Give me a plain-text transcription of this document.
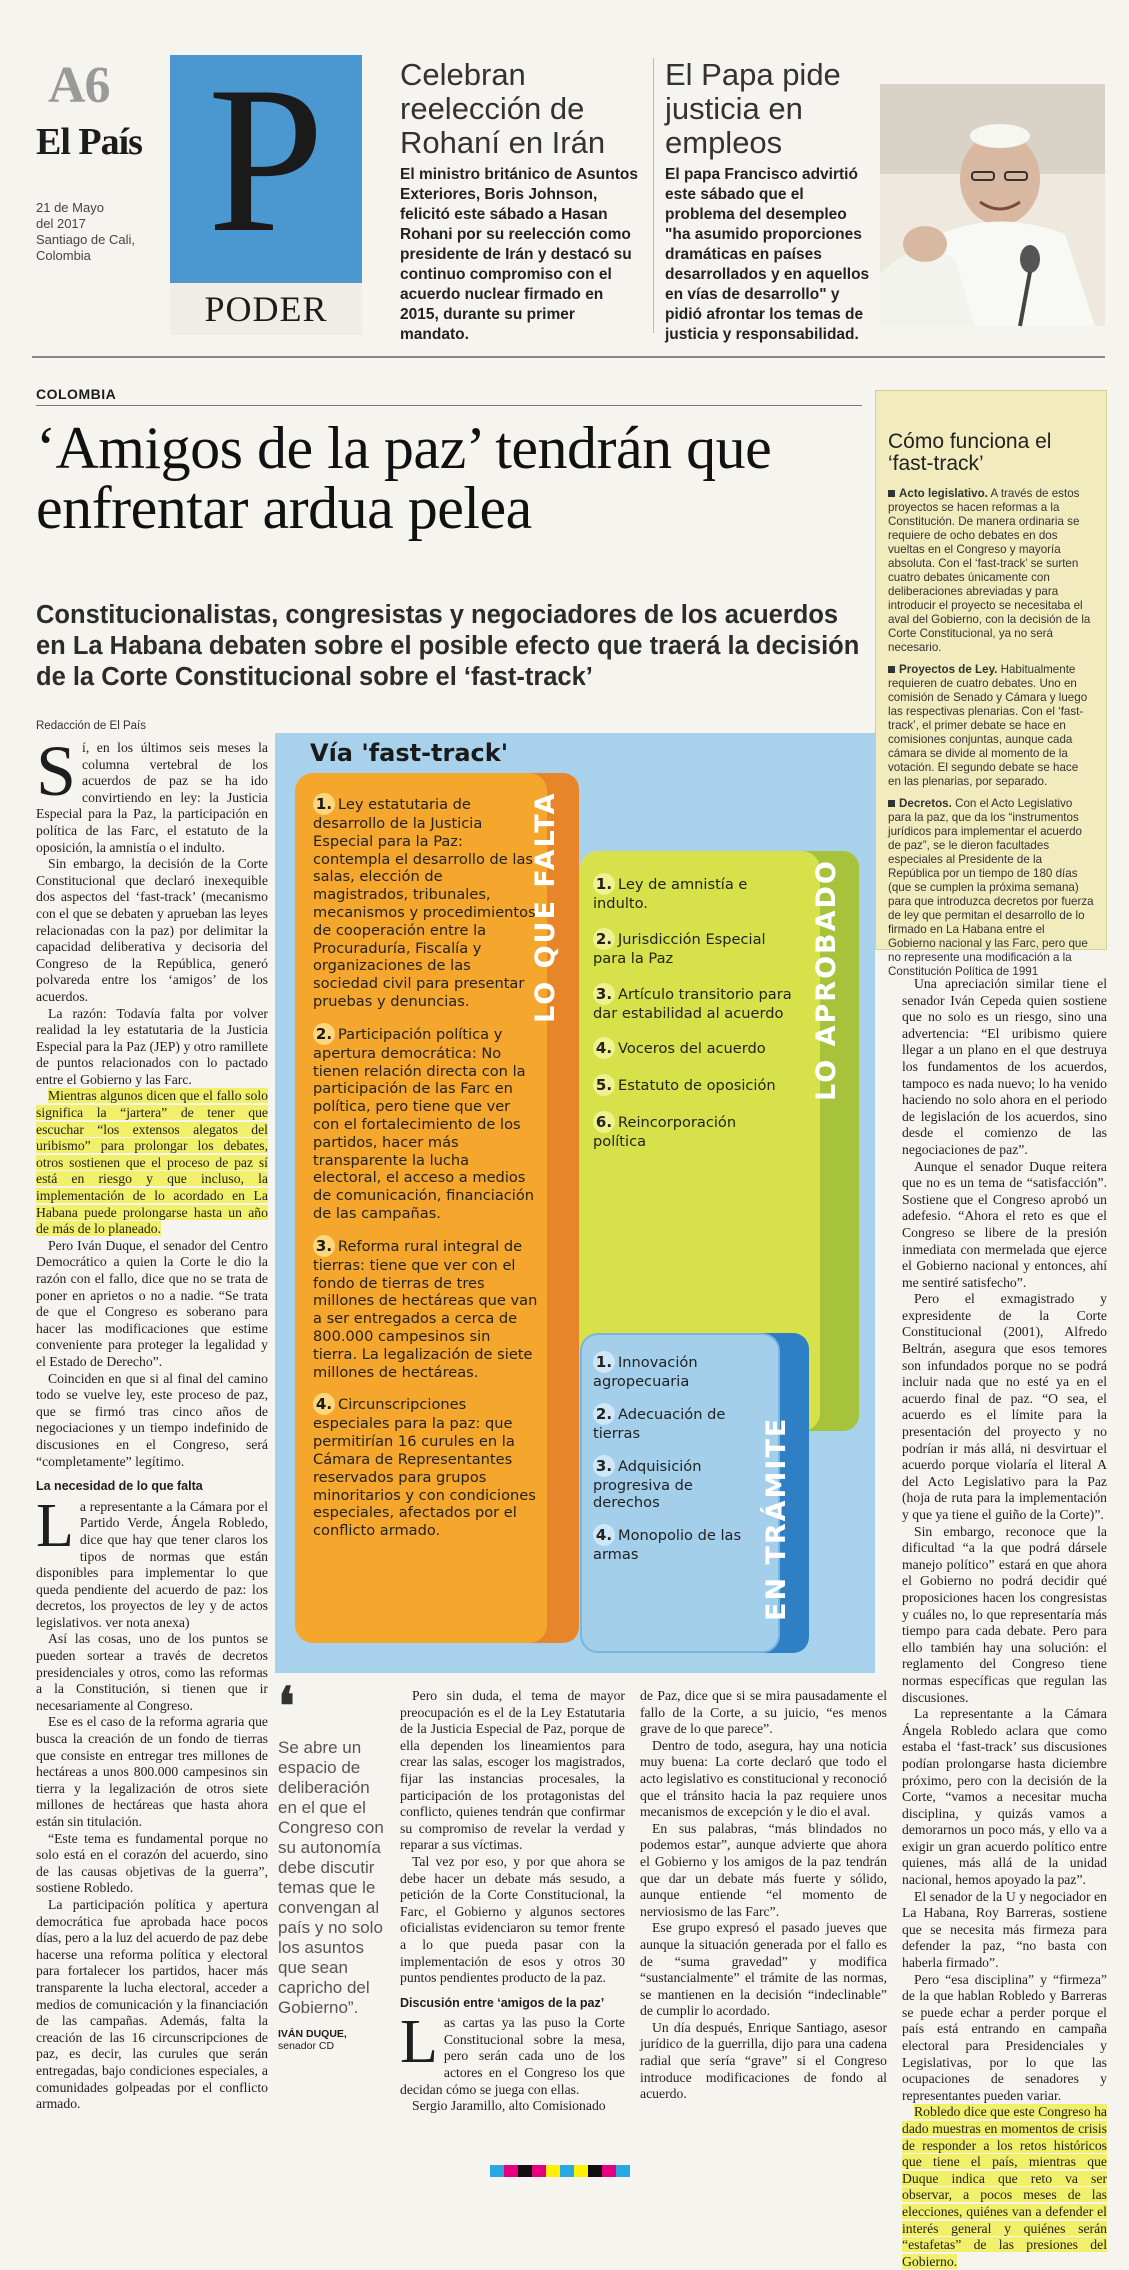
A6
El País
21 de Mayo
del 2017
Santiago de Cali,
Colombia P
PODER
Celebran reelección de Rohaní en Irán
El ministro británico de Asuntos Exteriores, Boris Johnson, felicitó este sábado a Hasan Rohani por su reelección como presidente de Irán y destacó su continuo compromiso con el acuerdo nuclear firmado en 2015, durante su primer mandato.
El Papa pide justicia en empleos
El papa Francisco advirtió este sábado que el problema del desempleo "ha asumido proporciones dramáticas en países desarrollados y en aquellos en vías de desarrollo" y pidió afrontar los temas de justicia y responsabilidad.
COLOMBIA
‘Amigos de la paz’ tendrán que enfrentar ardua pelea
Constitucionalistas, congresistas y negociadores de los acuerdos en La Habana debaten sobre el posible efecto que traerá la decisión de la Corte Constitucional sobre el ‘fast-track’
Redacción de El País
Cómo funciona el ‘fast-track’
Acto legislativo. A través de estos proyectos se hacen reformas a la Constitución. De manera ordinaria se requiere de ocho debates en dos vueltas en el Congreso y mayoría absoluta. Con el ‘fast-track’ se surten cuatro debates únicamente con deliberaciones abreviadas y para introducir el proyecto se necesitaba el aval del Gobierno, con la decisión de la Corte Constitucional, ya no será necesario.
Proyectos de Ley. Habitualmente requieren de cuatro debates. Uno en comisión de Senado y Cámara y luego las respectivas plenarias. Con el ‘fast-track’, el primer debate se hace en comisiones conjuntas, aunque cada cámara se divide al momento de la votación. El segundo debate se hace en las plenarias, por separado.
Decretos. Con el Acto Legislativo para la paz, que da los “instrumentos jurídicos para implementar el acuerdo de paz”, se le dieron facultades especiales al Presidente de la República por un tiempo de 180 días (que se cumplen la próxima semana) para que introduzca decretos por fuerza de ley que permitan el desarrollo de lo firmado en La Habana entre el Gobierno nacional y las Farc, pero que no represente una modificación a la Constitución Política de 1991

Sí, en los últimos seis meses la columna vertebral de los acuerdos de paz se ha ido convirtiendo en ley: la Justicia Especial para la Paz, la participación en política de las Farc, el estatuto de la oposición, la amnistía o el indulto.

Sin embargo, la decisión de la Corte Constitucional que declaró inexequible dos aspectos del ‘fast-track’ (mecanismo con el que se debaten y aprueban las leyes relacionadas con la paz) por delimitar la capacidad deliberativa y decisoria del Congreso de la República, generó polvareda entre los ‘amigos’ de los acuerdos.

La razón: Todavía falta por volver realidad la ley estatutaria de la Justicia Especial para la Paz (JEP) y otro ramillete de puntos relacionados con lo pactado entre el Gobierno y las Farc.

Mientras algunos dicen que el fallo solo significa la “jartera” de tener que escuchar “los extensos alegatos del uribismo” para prolongar los debates, otros sostienen que el proceso de paz sí está en riesgo y que incluso, la implementación de lo acordado en La Habana puede prolongarse hasta un año de más de lo planeado.

Pero Iván Duque, el senador del Centro Democrático a quien la Corte le dio la razón con el fallo, dice que no se trata de poner en aprietos o no a nadie. “Se trata de que el Congreso es soberano para hacer las modificaciones que estime conveniente para proteger la legalidad y el Estado de Derecho”.

Coinciden en que si al final del camino todo se vuelve ley, este proceso de paz, que se firmó tras cinco años de negociaciones y un tiempo indefinido de discusiones en el Congreso, será “completamente” legítimo.

La necesidad de lo que falta

La representante a la Cámara por el Partido Verde, Ángela Robledo, dice que hay que tener claros los tipos de normas que están disponibles para implementar lo que queda pendiente del acuerdo de paz: los decretos, los proyectos de ley y de actos legislativos. ver nota anexa)

Así las cosas, uno de los puntos se pueden sortear a través de decretos presidenciales y otros, como las reformas a la Constitución, si tienen que ir necesariamente al Congreso.

Ese es el caso de la reforma agraria que busca la creación de un fondo de tierras que consiste en entregar tres millones de hectáreas a unos 800.000 campesinos sin tierra y la legalización de otros siete millones de hectáreas que hasta ahora están sin titulación.

“Este tema es fundamental porque no solo está en el corazón del acuerdo, sino de las causas objetivas de la guerra”, sostiene Robledo.

La participación política y apertura democrática fue aprobada hace pocos días, pero a la luz del acuerdo de paz debe hacerse una reforma política y electoral para fortalecer los partidos, hacer más transparente la lucha electoral, acceder a medios de comunicación y la financiación de las campañas. Además, falta la creación de las 16 circunscripciones de paz, es decir, las curules que serán entregadas, bajo condiciones especiales, a comunidades golpeadas por el conflicto armado.

Vía 'fast-track'
LO QUE FALTA	LO APROBADO
EN TRÁMITE
1. Ley estatutaria de desarrollo de la Justicia Especial para la Paz: contempla el desarrollo de las salas, elección de magistrados, tribunales, mecanismos y procedimientos de cooperación entre la Procuraduría, Fiscalía y organizaciones de las sociedad civil para presentar pruebas y denuncias.
2. Participación política y apertura democrática: No tienen relación directa con la participación de las Farc en política, pero tiene que ver con el fortalecimiento de los partidos, hacer más transparente la lucha electoral, el acceso a medios de comunicación, financiación de las campañas.
3. Reforma rural integral de tierras: tiene que ver con el fondo de tierras de tres millones de hectáreas que van a ser entregados a cerca de 800.000 campesinos sin tierra. La legalización de siete millones de hectáreas.
4. Circunscripciones especiales para la paz: que permitirían 16 curules en la Cámara de Representantes reservados para grupos minoritarios y con condiciones especiales, afectados por el conflicto armado.
1. Ley de amnistía e indulto.
2. Jurisdicción Especial para la Paz
3. Artículo transitorio para dar estabilidad al acuerdo
4. Voceros del acuerdo
5. Estatuto de oposición
6. Reincorporación política
1. Innovación agropecuaria
2. Adecuación de tierras
3. Adquisición progresiva de derechos
4. Monopolio de las armas
❛
Se abre un espacio de deliberación en el que el Congreso con su autonomía debe discutir temas que le convengan al país y no solo los asuntos que sean capricho del Gobierno”.
IVÁN DUQUE,
senador CD

Pero sin duda, el tema de mayor preocupación es el de la Ley Estatutaria de la Justicia Especial de Paz, porque de ella dependen los lineamientos para crear las salas, escoger los magistrados, fijar las instancias procesales, la participación de los protagonistas del conflicto, quienes tendrán que confirmar su compromiso de revelar la verdad y reparar a sus víctimas.

Tal vez por eso, y por que ahora se debe hacer un debate más sesudo, a petición de la Corte Constitucional, la Farc, el Gobierno y algunos sectores oficialistas evidenciaron su temor frente a lo que pueda pasar con la implementación de esos y otros 30 puntos pendientes producto de la paz.

Discusión entre ‘amigos de la paz’

Las cartas ya las puso la Corte Constitucional sobre la mesa, pero serán cada uno de los actores en el Congreso los que decidan cómo se juega con ellas.

Sergio Jaramillo, alto Comisionado

de Paz, dice que si se mira pausadamente el fallo de la Corte, a su juicio, “es menos grave de lo que parece”.

Dentro de todo, asegura, hay una noticia muy buena: La corte declaró que todo el acto legislativo es constitucional y reconoció que el tránsito hacia la paz requiere unos mecanismos de excepción y le dio el aval.

En sus palabras, “más blindados no podemos estar”, aunque advierte que ahora el Gobierno y los amigos de la paz tendrán que dar un debate más fuerte y sólido, aunque entiende “el momento de nerviosismo de las Farc”.

Ese grupo expresó el pasado jueves que aunque la situación generada por el fallo es de “suma gravedad” y modifica “sustancialmente” el trámite de las normas, se mantienen en la decisión “indeclinable” de cumplir lo acordado.

Un día después, Enrique Santiago, asesor jurídico de la guerrilla, dijo para una cadena radial que sería “grave” si el Congreso introduce modificaciones de fondo al acuerdo.

Una apreciación similar tiene el senador Iván Cepeda quien sostiene que no solo es un riesgo, sino una advertencia: “El uribismo quiere llegar a un plano en el que destruya los fundamentos de los acuerdos, tampoco es nada nuevo; lo ha venido haciendo no solo ahora en el periodo de legislación de los acuerdos, sino desde el comienzo de las negociaciones de paz”.

Aunque el senador Duque reitera que no es un tema de “satisfacción”. Sostiene que el Congreso aprobó un adefesio. “Ahora el reto es que el Congreso se libere de la presión inmediata con mermelada que ejerce el Gobierno nacional y entonces, ahí me sentiré satisfecho”.

Pero el exmagistrado y expresidente de la Corte Constitucional (2001), Alfredo Beltrán, asegura que esos temores son infundados porque no se podrá incluir nada que no esté ya en el acuerdo final de paz. “O sea, el acuerdo es el límite para la presentación del proyecto y no podrían ir más allá, ni desvirtuar el acuerdo porque violaría el literal A del Acto Legislativo para la Paz (hoja de ruta para la implementación y que ya tiene el guiño de la Corte)”.

Sin embargo, reconoce que la dificultad “a la que podrá dársele manejo político” estará en que ahora el Gobierno no podrá decidir qué proposiciones hacen los congresistas y cuáles no, lo que representaría más tiempo para cada debate. Pero para ello también hay una solución: el reglamento del Congreso tiene normas específicas que regulan las discusiones.

La representante a la Cámara Ángela Robledo aclara que como estaba el ‘fast-track’ sus discusiones podían prolongarse hasta diciembre próximo, pero con la decisión de la Corte, “vamos a necesitar mucha disciplina, y quizás vamos a demorarnos un poco más, y ello va a exigir un gran acuerdo político entre quienes, más allá de la unidad nacional, hemos apoyado la paz”.

El senador de la U y negociador en La Habana, Roy Barreras, sostiene que se necesita más firmeza para defender la paz, “no basta con haberla firmado”.

Pero “esa disciplina” y “firmeza” de la que hablan Robledo y Barreras se puede echar a perder porque el país está entrando en campaña electoral para Presidenciales y Legislativas, por lo que las ocupaciones de senadores y representantes pueden variar.

Robledo dice que este Congreso ha dado muestras en momentos de crisis de responder a los retos históricos que tiene el país, mientras que Duque indica que reto va ser observar, a pocos meses de las elecciones, quiénes van a defender el interés general y quiénes serán “estafetas” de las presiones del Gobierno.
